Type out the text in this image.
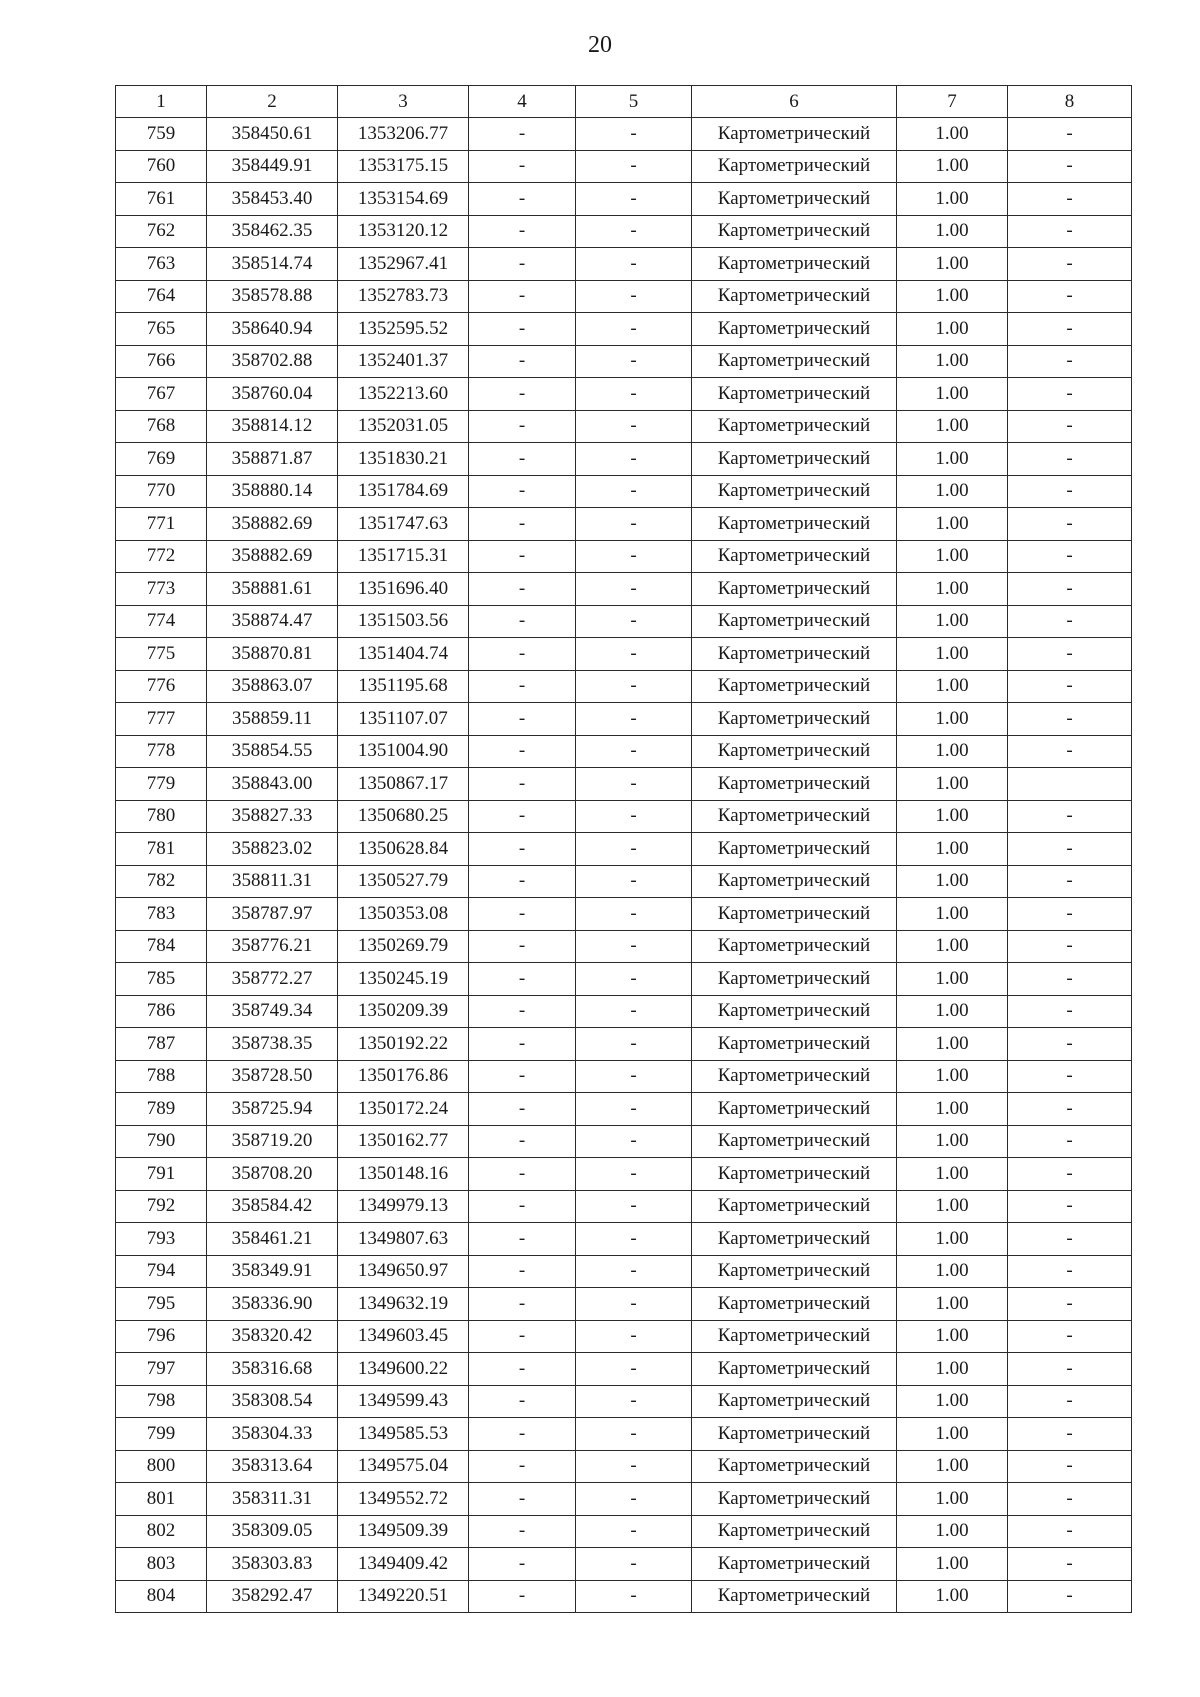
20
1	2	3	4	5	6	7	8
759	358450.61	1353206.77	-	-	Картометрический	1.00	-
760	358449.91	1353175.15	-	-	Картометрический	1.00	-
761	358453.40	1353154.69	-	-	Картометрический	1.00	-
762	358462.35	1353120.12	-	-	Картометрический	1.00	-
763	358514.74	1352967.41	-	-	Картометрический	1.00	-
764	358578.88	1352783.73	-	-	Картометрический	1.00	-
765	358640.94	1352595.52	-	-	Картометрический	1.00	-
766	358702.88	1352401.37	-	-	Картометрический	1.00	-
767	358760.04	1352213.60	-	-	Картометрический	1.00	-
768	358814.12	1352031.05	-	-	Картометрический	1.00	-
769	358871.87	1351830.21	-	-	Картометрический	1.00	-
770	358880.14	1351784.69	-	-	Картометрический	1.00	-
771	358882.69	1351747.63	-	-	Картометрический	1.00	-
772	358882.69	1351715.31	-	-	Картометрический	1.00	-
773	358881.61	1351696.40	-	-	Картометрический	1.00	-
774	358874.47	1351503.56	-	-	Картометрический	1.00	-
775	358870.81	1351404.74	-	-	Картометрический	1.00	-
776	358863.07	1351195.68	-	-	Картометрический	1.00	-
777	358859.11	1351107.07	-	-	Картометрический	1.00	-
778	358854.55	1351004.90	-	-	Картометрический	1.00	-
779	358843.00	1350867.17	-	-	Картометрический	1.00	
780	358827.33	1350680.25	-	-	Картометрический	1.00	-
781	358823.02	1350628.84	-	-	Картометрический	1.00	-
782	358811.31	1350527.79	-	-	Картометрический	1.00	-
783	358787.97	1350353.08	-	-	Картометрический	1.00	-
784	358776.21	1350269.79	-	-	Картометрический	1.00	-
785	358772.27	1350245.19	-	-	Картометрический	1.00	-
786	358749.34	1350209.39	-	-	Картометрический	1.00	-
787	358738.35	1350192.22	-	-	Картометрический	1.00	-
788	358728.50	1350176.86	-	-	Картометрический	1.00	-
789	358725.94	1350172.24	-	-	Картометрический	1.00	-
790	358719.20	1350162.77	-	-	Картометрический	1.00	-
791	358708.20	1350148.16	-	-	Картометрический	1.00	-
792	358584.42	1349979.13	-	-	Картометрический	1.00	-
793	358461.21	1349807.63	-	-	Картометрический	1.00	-
794	358349.91	1349650.97	-	-	Картометрический	1.00	-
795	358336.90	1349632.19	-	-	Картометрический	1.00	-
796	358320.42	1349603.45	-	-	Картометрический	1.00	-
797	358316.68	1349600.22	-	-	Картометрический	1.00	-
798	358308.54	1349599.43	-	-	Картометрический	1.00	-
799	358304.33	1349585.53	-	-	Картометрический	1.00	-
800	358313.64	1349575.04	-	-	Картометрический	1.00	-
801	358311.31	1349552.72	-	-	Картометрический	1.00	-
802	358309.05	1349509.39	-	-	Картометрический	1.00	-
803	358303.83	1349409.42	-	-	Картометрический	1.00	-
804	358292.47	1349220.51	-	-	Картометрический	1.00	-
